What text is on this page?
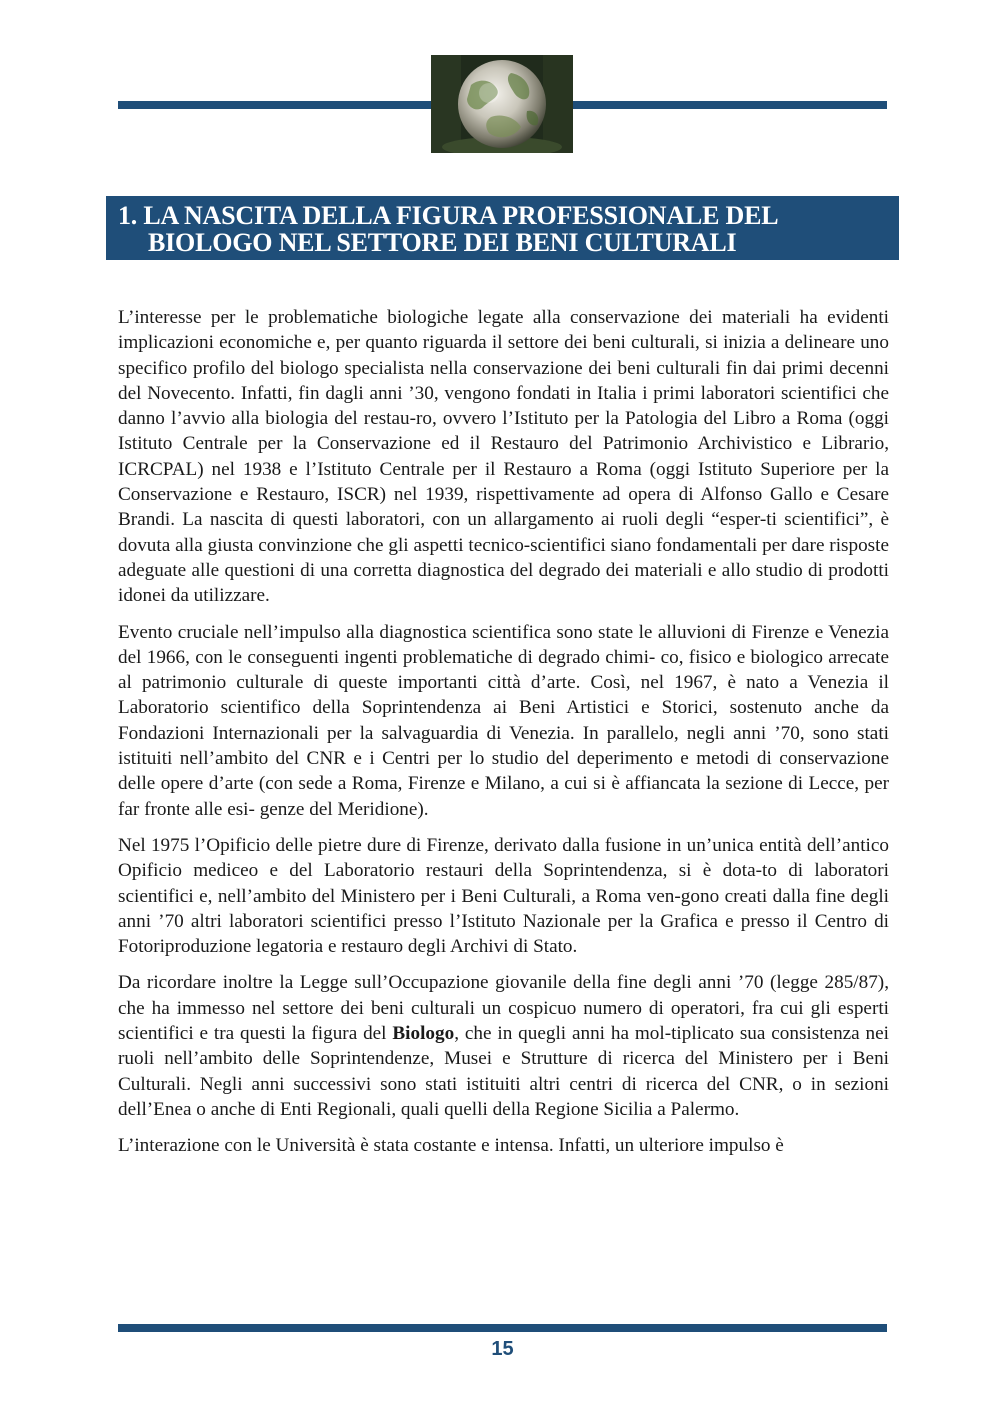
1. LA NASCITA DELLA FIGURA PROFESSIONALE DEL
BIOLOGO NEL SETTORE DEI BENI CULTURALI

L’interesse per le problematiche biologiche legate alla conservazione dei materiali ha evidenti implicazioni economiche e, per quanto riguarda il settore dei beni culturali, si inizia a delineare uno specifico profilo del biologo specialista nella conservazione dei beni culturali fin dai primi decenni del Novecento. Infatti, fin dagli anni ’30, vengono fondati in Italia i primi laboratori scientifici che danno l’avvio alla biologia del restau-ro, ovvero l’Istituto per la Patologia del Libro a Roma (oggi Istituto Centrale per la Conservazione ed il Restauro del Patrimonio Archivistico e Librario, ICRCPAL) nel 1938 e l’Istituto Centrale per il Restauro a Roma (oggi Istituto Superiore per la Conservazione e Restauro, ISCR) nel 1939, rispettivamente ad opera di Alfonso Gallo e Cesare Brandi. La nascita di questi laboratori, con un allargamento ai ruoli degli “esper-ti scientifici”, è dovuta alla giusta convinzione che gli aspetti tecnico-scientifici siano fondamentali per dare risposte adeguate alle questioni di una corretta diagnostica del degrado dei materiali e allo studio di prodotti idonei da utilizzare.

Evento cruciale nell’impulso alla diagnostica scientifica sono state le alluvioni di Firenze e Venezia del 1966, con le conseguenti ingenti problematiche di degrado chimi- co, fisico e biologico arrecate al patrimonio culturale di queste importanti città d’arte. Così, nel 1967, è nato a Venezia il Laboratorio scientifico della Soprintendenza ai Beni Artistici e Storici, sostenuto anche da Fondazioni Internazionali per la salvaguardia di Venezia. In parallelo, negli anni ’70, sono stati istituiti nell’ambito del CNR e i Centri per lo studio del deperimento e metodi di conservazione delle opere d’arte (con sede a Roma, Firenze e Milano, a cui si è affiancata la sezione di Lecce, per far fronte alle esi- genze del Meridione).

Nel 1975 l’Opificio delle pietre dure di Firenze, derivato dalla fusione in un’unica entità dell’antico Opificio mediceo e del Laboratorio restauri della Soprintendenza, si è dota-to di laboratori scientifici e, nell’ambito del Ministero per i Beni Culturali, a Roma ven-gono creati dalla fine degli anni ’70 altri laboratori scientifici presso l’Istituto Nazionale per la Grafica e presso il Centro di Fotoriproduzione legatoria e restauro degli Archivi di Stato.

Da ricordare inoltre la Legge sull’Occupazione giovanile della fine degli anni ’70 (legge 285/87), che ha immesso nel settore dei beni culturali un cospicuo numero di operatori, fra cui gli esperti scientifici e tra questi la figura del Biologo, che in quegli anni ha mol-tiplicato sua consistenza nei ruoli nell’ambito delle Soprintendenze, Musei e Strutture di ricerca del Ministero per i Beni Culturali. Negli anni successivi sono stati istituiti altri centri di ricerca del CNR, o in sezioni dell’Enea o anche di Enti Regionali, quali quelli della Regione Sicilia a Palermo.

L’interazione con le Università è stata costante e intensa. Infatti, un ulteriore impulso è

15
